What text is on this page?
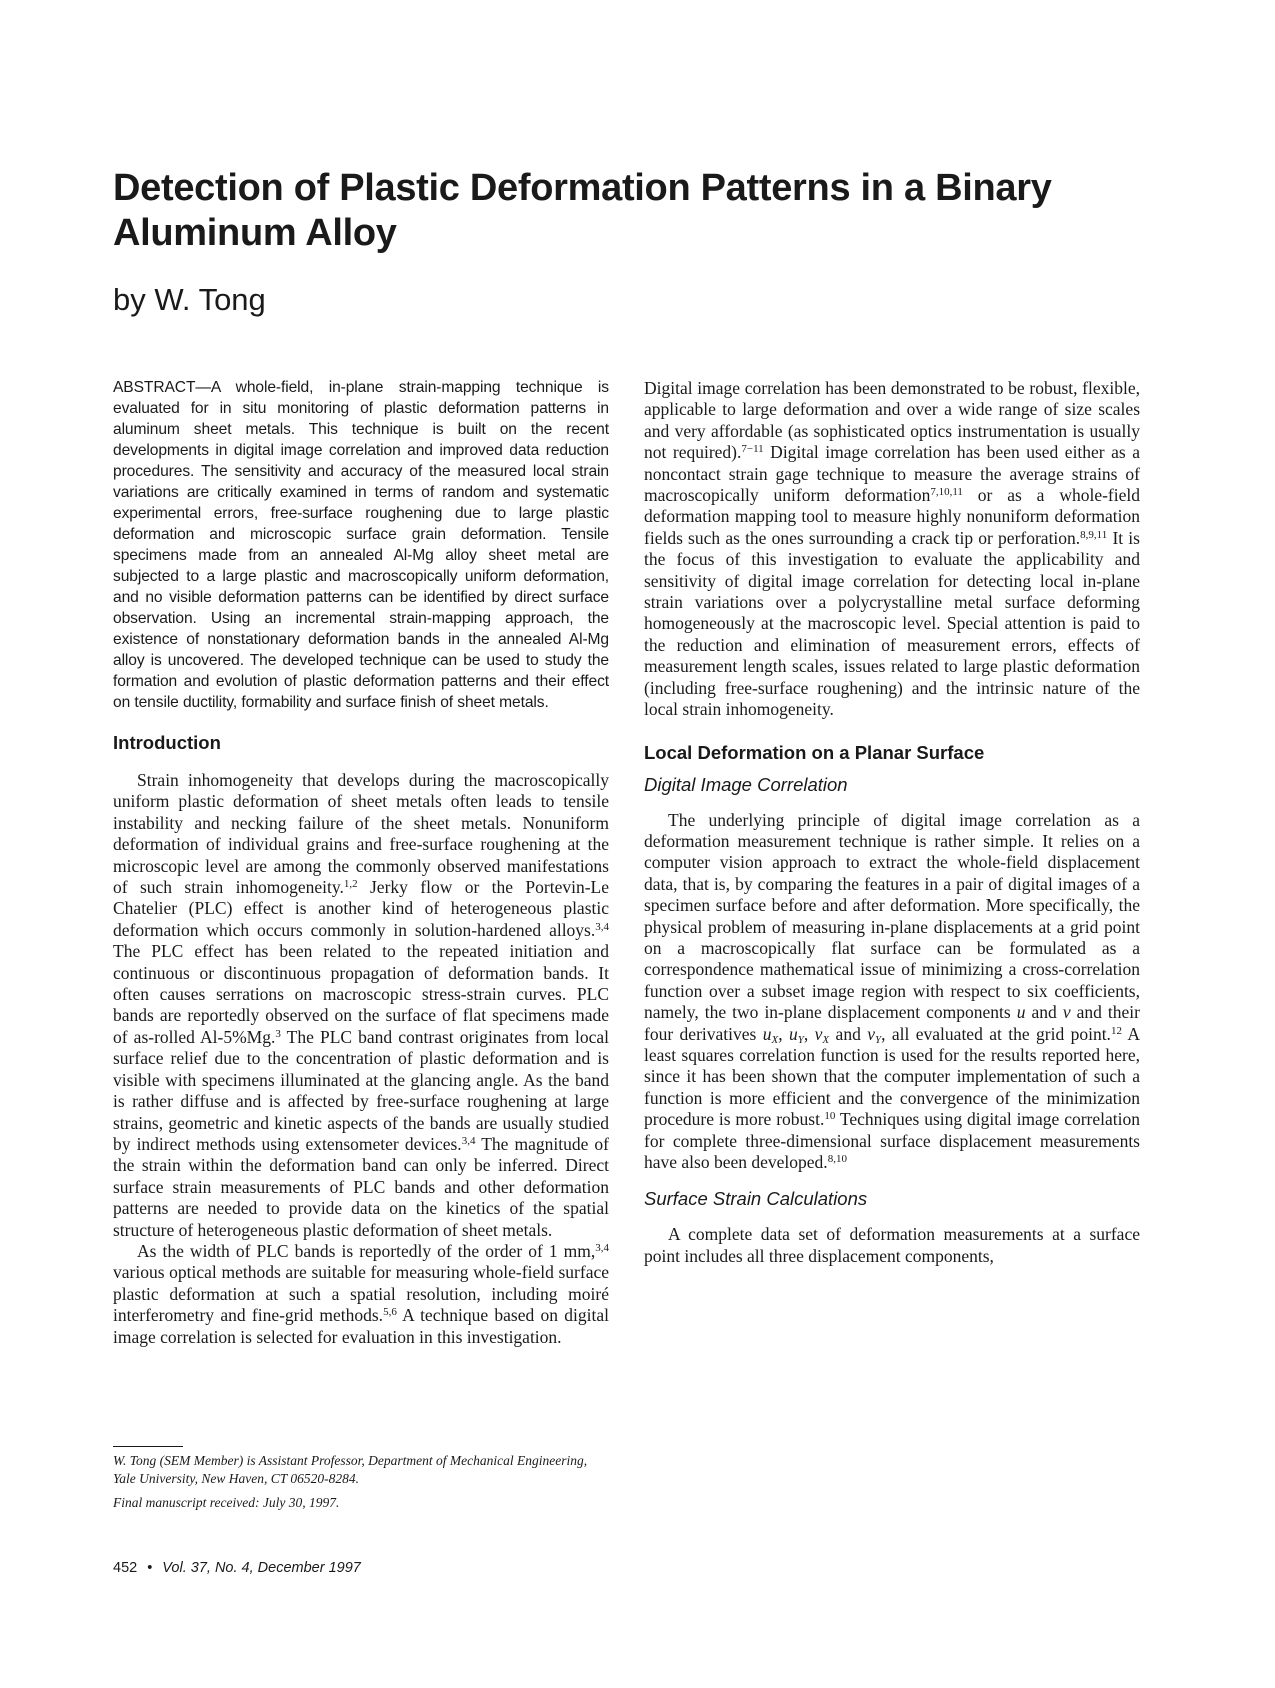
Detection of Plastic Deformation Patterns in a Binary Aluminum Alloy

by W. Tong

ABSTRACT—A whole-field, in-plane strain-mapping technique is evaluated for in situ monitoring of plastic deformation patterns in aluminum sheet metals. This technique is built on the recent developments in digital image correlation and improved data reduction procedures. The sensitivity and accuracy of the measured local strain variations are critically examined in terms of random and systematic experimental errors, free-surface roughening due to large plastic deformation and microscopic surface grain deformation. Tensile specimens made from an annealed Al-Mg alloy sheet metal are subjected to a large plastic and macroscopically uniform deformation, and no visible deformation patterns can be identified by direct surface observation. Using an incremental strain-mapping approach, the existence of nonstationary deformation bands in the annealed Al-Mg alloy is uncovered. The developed technique can be used to study the formation and evolution of plastic deformation patterns and their effect on tensile ductility, formability and surface finish of sheet metals.

Introduction

Strain inhomogeneity that develops during the macroscopically uniform plastic deformation of sheet metals often leads to tensile instability and necking failure of the sheet metals. Nonuniform deformation of individual grains and free-surface roughening at the microscopic level are among the commonly observed manifestations of such strain inhomogeneity.$^{1,2}$ Jerky flow or the Portevin-Le Chatelier (PLC) effect is another kind of heterogeneous plastic deformation which occurs commonly in solution-hardened alloys.$^{3,4}$ The PLC effect has been related to the repeated initiation and continuous or discontinuous propagation of deformation bands. It often causes serrations on macroscopic stress-strain curves. PLC bands are reportedly observed on the surface of flat specimens made of as-rolled Al-5%Mg.$^3$ The PLC band contrast originates from local surface relief due to the concentration of plastic deformation and is visible with specimens illuminated at the glancing angle. As the band is rather diffuse and is affected by free-surface roughening at large strains, geometric and kinetic aspects of the bands are usually studied by indirect methods using extensometer devices.$^{3,4}$ The magnitude of the strain within the deformation band can only be inferred. Direct surface strain measurements of PLC bands and other deformation patterns are needed to provide data on the kinetics of the spatial structure of heterogeneous plastic deformation of sheet metals.

As the width of PLC bands is reportedly of the order of 1 mm,$^{3,4}$ various optical methods are suitable for measuring whole-field surface plastic deformation at such a spatial resolution, including moiré interferometry and fine-grid methods.$^{5,6}$ A technique based on digital image correlation is selected for evaluation in this investigation.

Digital image correlation has been demonstrated to be robust, flexible, applicable to large deformation and over a wide range of size scales and very affordable (as sophisticated optics instrumentation is usually not required).$^{7-11}$ Digital image correlation has been used either as a noncontact strain gage technique to measure the average strains of macroscopically uniform deformation$^{7,10,11}$ or as a whole-field deformation mapping tool to measure highly nonuniform deformation fields such as the ones surrounding a crack tip or perforation.$^{8,9,11}$ It is the focus of this investigation to evaluate the applicability and sensitivity of digital image correlation for detecting local in-plane strain variations over a polycrystalline metal surface deforming homogeneously at the macroscopic level. Special attention is paid to the reduction and elimination of measurement errors, effects of measurement length scales, issues related to large plastic deformation (including free-surface roughening) and the intrinsic nature of the local strain inhomogeneity.

Local Deformation on a Planar Surface
Digital Image Correlation

The underlying principle of digital image correlation as a deformation measurement technique is rather simple. It relies on a computer vision approach to extract the whole-field displacement data, that is, by comparing the features in a pair of digital images of a specimen surface before and after deformation. More specifically, the physical problem of measuring in-plane displacements at a grid point on a macroscopically flat surface can be formulated as a correspondence mathematical issue of minimizing a cross-correlation function over a subset image region with respect to six coefficients, namely, the two in-plane displacement components u and v and their four derivatives $u_X$, $u_Y$, $v_X$ and $v_Y$, all evaluated at the grid point.$^{12}$ A least squares correlation function is used for the results reported here, since it has been shown that the computer implementation of such a function is more efficient and the convergence of the minimization procedure is more robust.$^{10}$ Techniques using digital image correlation for complete three-dimensional surface displacement measurements have also been developed.$^{8,10}$

Surface Strain Calculations

A complete data set of deformation measurements at a surface point includes all three displacement components,

W. Tong (SEM Member) is Assistant Professor, Department of Mechanical Engineering, Yale University, New Haven, CT 06520-8284.

Final manuscript received: July 30, 1997.

452 • Vol. 37, No. 4, December 1997
